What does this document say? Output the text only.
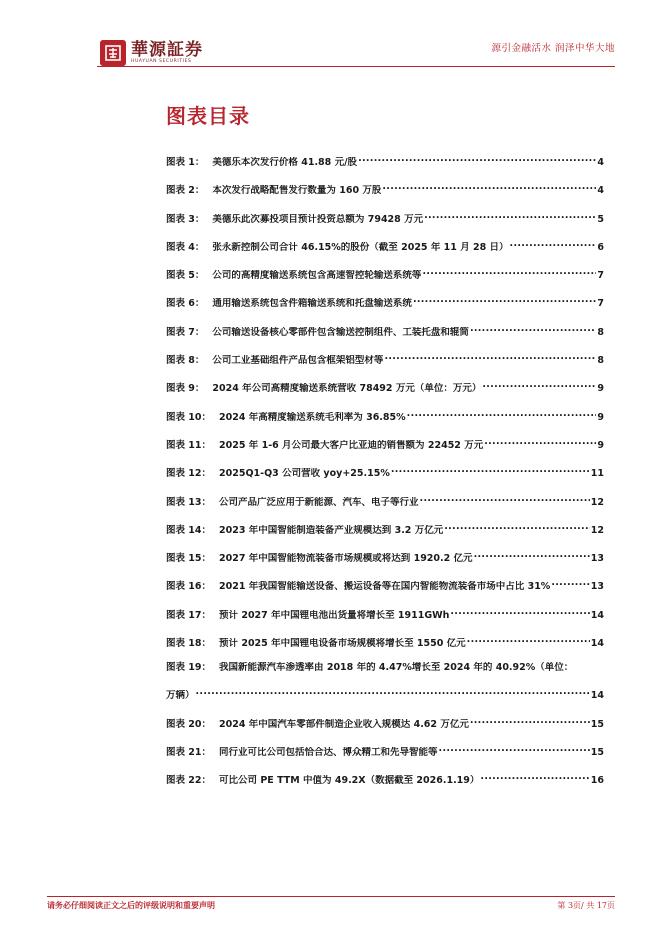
華源証券
HUAYUAN SECURITIES
源引金融活水 润泽中华大地
图表目录
图表 1： 美德乐本次发行价格 41.88 元/股 .....	4
图表 2： 本次发行战略配售发行数量为 160 万股 .....	4
图表 3： 美德乐此次募投项目预计投资总额为 79428 万元 .....	5
图表 4： 张永新控制公司合计 46.15%的股份（截至 2025 年 11 月 28 日） .....	6
图表 5： 公司的高精度输送系统包含高速智控轮输送系统等 .....	7
图表 6： 通用输送系统包含件箱输送系统和托盘输送系统 .....	7
图表 7： 公司输送设备核心零部件包含输送控制组件、工装托盘和辊筒 .....	8
图表 8： 公司工业基础组件产品包含框架铝型材等 .....	8
图表 9： 2024 年公司高精度输送系统营收 78492 万元（单位：万元） .....	9
图表 10： 2024 年高精度输送系统毛利率为 36.85% .....	9
图表 11： 2025 年 1-6 月公司最大客户比亚迪的销售额为 22452 万元 .....	9
图表 12： 2025Q1-Q3 公司营收 yoy+25.15% .....	11
图表 13： 公司产品广泛应用于新能源、汽车、电子等行业 .....	12
图表 14： 2023 年中国智能制造装备产业规模达到 3.2 万亿元 .....	12
图表 15： 2027 年中国智能物流装备市场规模或将达到 1920.2 亿元 .....	13
图表 16： 2021 年我国智能输送设备、搬运设备等在国内智能物流装备市场中占比 31% .....	13
图表 17： 预计 2027 年中国锂电池出货量将增长至 1911GWh .....	14
图表 18： 预计 2025 年中国锂电设备市场规模将增长至 1550 亿元 .....	14
图表 19： 我国新能源汽车渗透率由 2018 年的 4.47%增长至 2024 年的 40.92%（单位：
万辆） .....	14
图表 20： 2024 年中国汽车零部件制造企业收入规模达 4.62 万亿元 .....	15
图表 21： 同行业可比公司包括恰合达、博众精工和先导智能等 .....	15
图表 22： 可比公司 PE TTM 中值为 49.2X（数据截至 2026.1.19） .....	16
请务必仔细阅读正文之后的评级说明和重要声明	第 3页/ 共 17页
